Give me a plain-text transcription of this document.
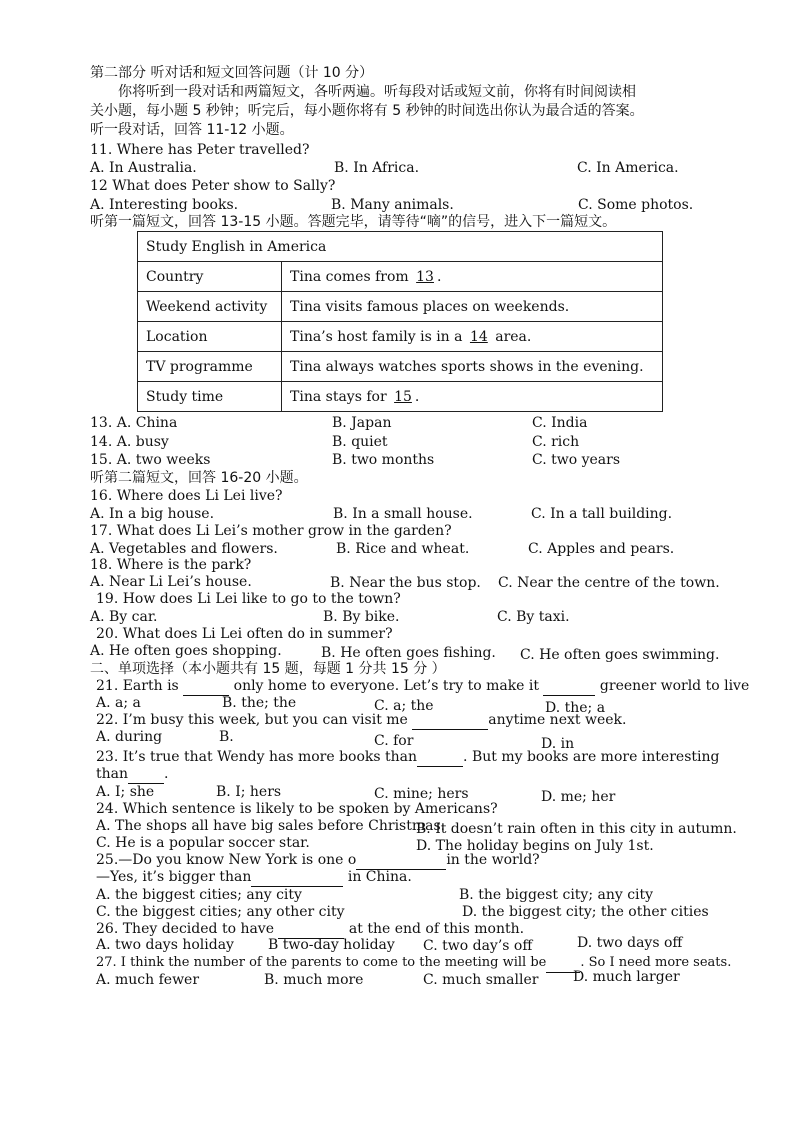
第二部分 听对话和短文回答问题（计 10 分）
你将听到一段对话和两篇短文，各听两遍。听每段对话或短文前，你将有时间阅读相
关小题，每小题 5 秒钟；听完后，每小题你将有 5 秒钟的时间选出你认为最合适的答案。
听一段对话，回答 11-12 小题。
11. Where has Peter travelled?
A. In Australia.	B. In Africa.	C. In America.
12 What does Peter show to Sally?
A. Interesting books.	B. Many animals.	C. Some photos.
听第一篇短文，回答 13-15 小题。答题完毕，请等待“嘀”的信号，进入下一篇短文。
Study English in America	
Country	Tina comes from 13 .
Weekend activity	Tina visits famous places on weekends.
Location	Tina’s host family is in a 14 area.
TV programme	Tina always watches sports shows in the evening.
Study time	Tina stays for 15 .
13. A. China	B. Japan	C. India
14. A. busy	B. quiet	C. rich
15. A. two weeks	B. two months	C. two years
听第二篇短文，回答 16-20 小题。
16. Where does Li Lei live?
A. In a big house.	B. In a small house.	C. In a tall building.
17. What does Li Lei’s mother grow in the garden?
A. Vegetables and flowers.	B. Rice and wheat.	C. Apples and pears.
18. Where is the park?
A. Near Li Lei’s house.	B. Near the bus stop. C. Near the centre of the town.
19. How does Li Lei like to go to the town?
A. By car.	B. By bike.	C. By taxi.
20. What does Li Lei often do in summer?
A. He often goes shopping.	B. He often goes fishing. C. He often goes swimming.
二、单项选择（本小题共有 15 题，每题 1 分共 15 分 ）
21. Earth is	only home to everyone. Let’s try to make it	greener world to live
A. a; a	B. the; the	C. a; the	D. the; a
22. I’m busy this week, but you can visit me	anytime next week.
A. during	B.	C. for	D. in
23. It’s true that Wendy has more books than	. But my books are more interesting
than	.
A. I; she	B. I; hers	C. mine; hers	D. me; her
24. Which sentence is likely to be spoken by Americans?
A. The shops all have big sales before Christmas.
B. It doesn’t rain often in this city in autumn.
C. He is a popular soccer star.	D. The holiday begins on July 1st.
25.—Do you know New York is one o	in the world?
—Yes, it’s bigger than	in China.
A. the biggest cities; any city	B. the biggest city; any city
C. the biggest cities; any other city	D. the biggest city; the other cities
26. They decided to have	at the end of this month.
A. two days holiday B two-day holiday C. two day’s off	D. two days off
27. I think the number of the parents to come to the meeting will be	. So I need more seats.
A. much fewer	B. much more	C. much smaller D. much larger
